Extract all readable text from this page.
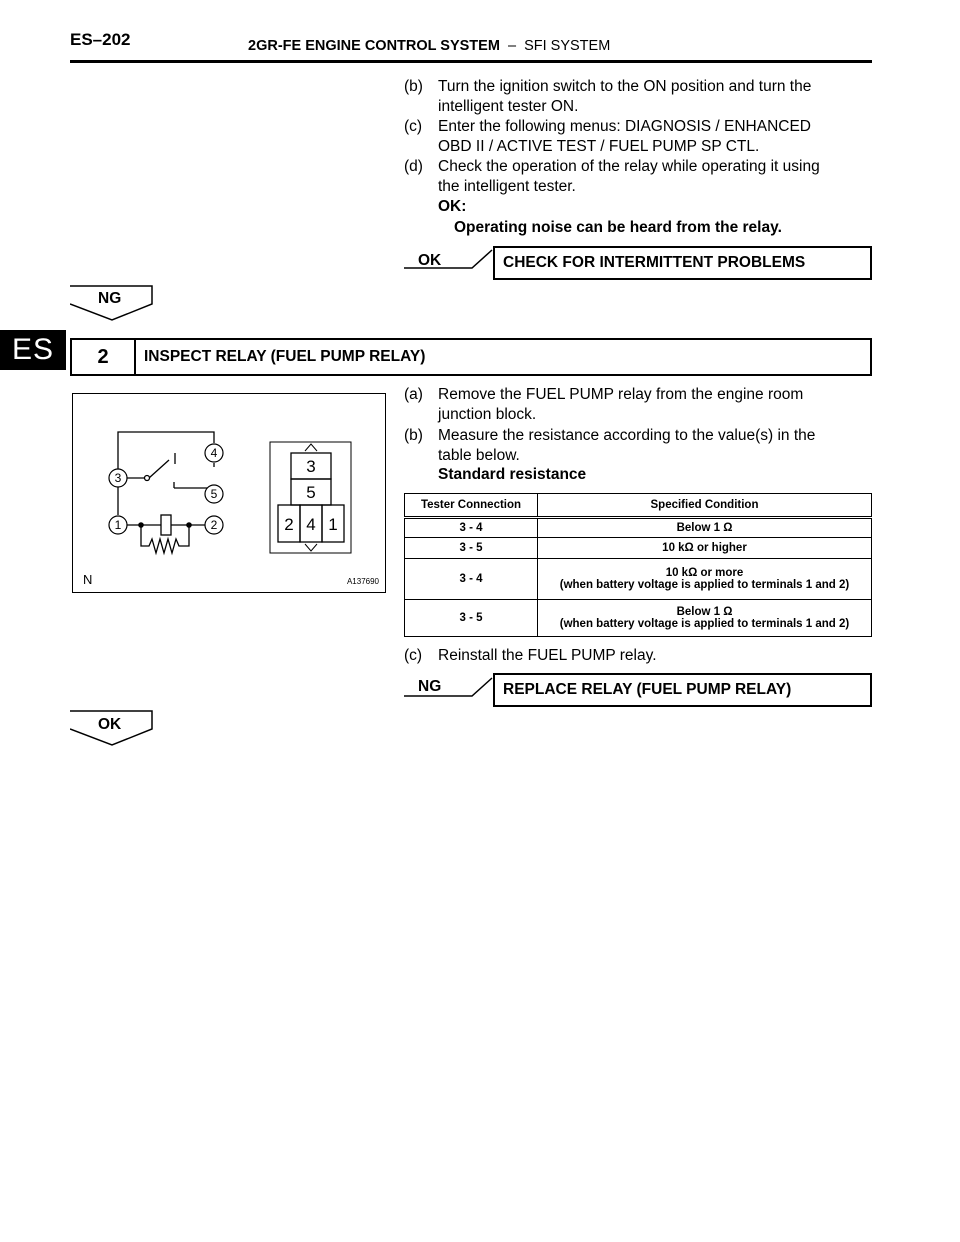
ES–202	2GR-FE ENGINE CONTROL SYSTEM  –  SFI SYSTEM
ES
(b) Turn the ignition switch to the ON position and turn the
intelligent tester ON.
(c) Enter the following menus: DIAGNOSIS / ENHANCED
OBD II / ACTIVE TEST / FUEL PUMP SP CTL.
(d) Check the operation of the relay while operating it using
the intelligent tester.
OK:
Operating noise can be heard from the relay.
OK	CHECK FOR INTERMITTENT PROBLEMS
NG
2	INSPECT RELAY (FUEL PUMP RELAY)
3
4
5
1	2
3
5
2 4 1
N	A137690
(a) Remove the FUEL PUMP relay from the engine room
junction block.
(b) Measure the resistance according to the value(s) in the
table below.
Standard resistance
Tester Connection	Specified Condition
3 - 4	Below 1 Ω
3 - 5	10 kΩ or higher
3 - 4	10 kΩ or more
(when battery voltage is applied to terminals 1 and 2)

3 - 5	Below 1 Ω
(when battery voltage is applied to terminals 1 and 2)
(c) Reinstall the FUEL PUMP relay.
NG	REPLACE RELAY (FUEL PUMP RELAY)
OK
